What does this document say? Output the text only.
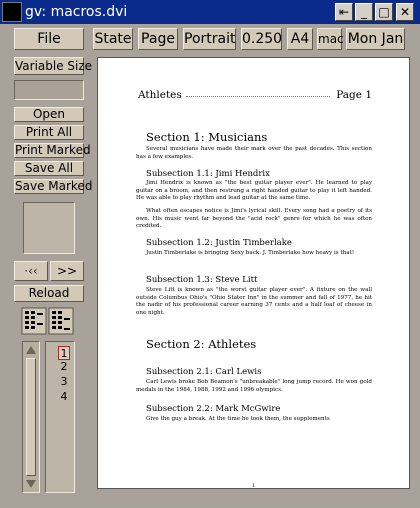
gv: macros.dvi	⇤ _ □ ✕
File	State Page Portrait 0.250 A4 mac Mon Jan
Variable Size
Open
Print All
Print Marked
Save All
Save Marked
·‹‹	>>
Reload
1
2
3
4
Athletes	Page 1
Section 1: Musicians
Several musicians have made their mark over the past decades. This section has a few examples.
Subsection 1.1: Jimi Hendrix
Jimi Hendrix is known as "the best guitar player ever". He learned to play guitar on a broom, and then restrung a right handed guitar to play it left handed. He was able to play rhythm and lead guitar at the same time.
What often escapes notice is Jimi's lyrical skill. Every song had a poetry of its own. His music went far beyond the "acid rock" genre for which he was often credited.
Subsection 1.2: Justin Timberlake
Justin Timberlake is bringing Sexy back. J. Timberlake how heavy is that!
Subsection 1.3: Steve Litt
Steve Litt is known as "the worst guitar player ever". A fixture on the wall outside Columbus Ohio's "Ohio Stater Inn" in the summer and fall of 1977, he hit the nadir of his professional career earning 37 cents and a half loaf of cheese in one night.
Section 2: Athletes
Subsection 2.1: Carl Lewis
Carl Lewis broke Bob Beamon's "unbreakable" long jump record. He won gold medals in the 1984, 1988, 1992 and 1996 olympics.
Subsection 2.2: Mark McGwire
Give the guy a break. At the time he took them, the supplements
1
